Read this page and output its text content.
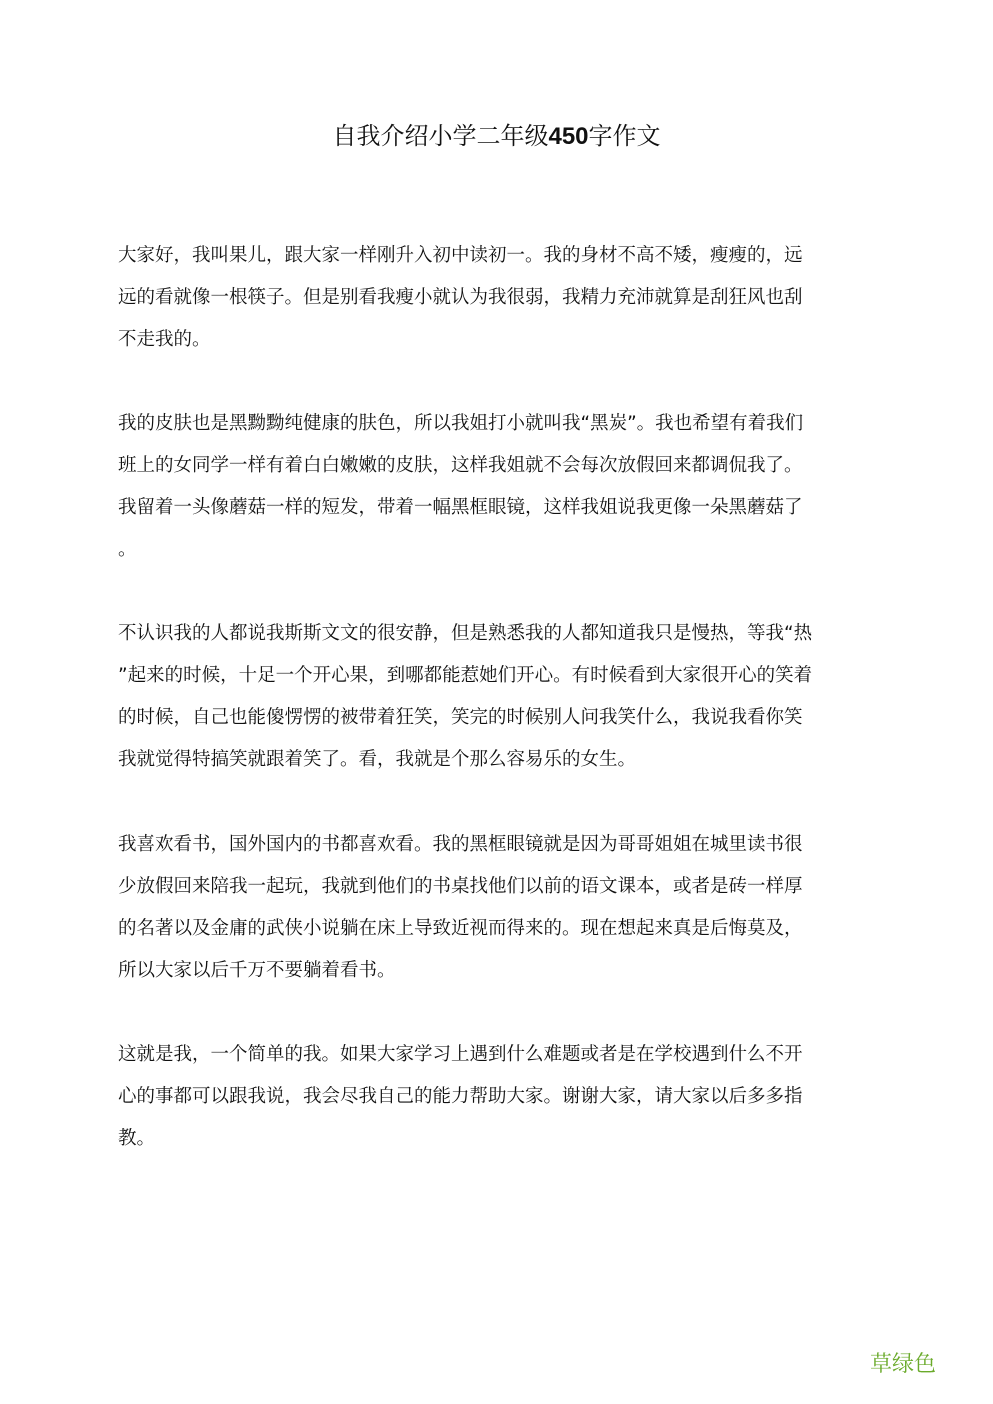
自我介绍小学二年级450字作文
大家好，我叫果儿，跟大家一样刚升入初中读初一。我的身材不高不矮，瘦瘦的，远
远的看就像一根筷子。但是别看我瘦小就认为我很弱，我精力充沛就算是刮狂风也刮
不走我的。
我的皮肤也是黑黝黝纯健康的肤色，所以我姐打小就叫我“黑炭”。我也希望有着我们
班上的女同学一样有着白白嫩嫩的皮肤，这样我姐就不会每次放假回来都调侃我了。
我留着一头像蘑菇一样的短发，带着一幅黑框眼镜，这样我姐说我更像一朵黑蘑菇了
。
不认识我的人都说我斯斯文文的很安静，但是熟悉我的人都知道我只是慢热，等我“热
”起来的时候，十足一个开心果，到哪都能惹她们开心。有时候看到大家很开心的笑着
的时候，自己也能傻愣愣的被带着狂笑，笑完的时候别人问我笑什么，我说我看你笑
我就觉得特搞笑就跟着笑了。看，我就是个那么容易乐的女生。
我喜欢看书，国外国内的书都喜欢看。我的黑框眼镜就是因为哥哥姐姐在城里读书很
少放假回来陪我一起玩，我就到他们的书桌找他们以前的语文课本，或者是砖一样厚
的名著以及金庸的武侠小说躺在床上导致近视而得来的。现在想起来真是后悔莫及，
所以大家以后千万不要躺着看书。
这就是我，一个简单的我。如果大家学习上遇到什么难题或者是在学校遇到什么不开
心的事都可以跟我说，我会尽我自己的能力帮助大家。谢谢大家，请大家以后多多指
教。
草绿色
